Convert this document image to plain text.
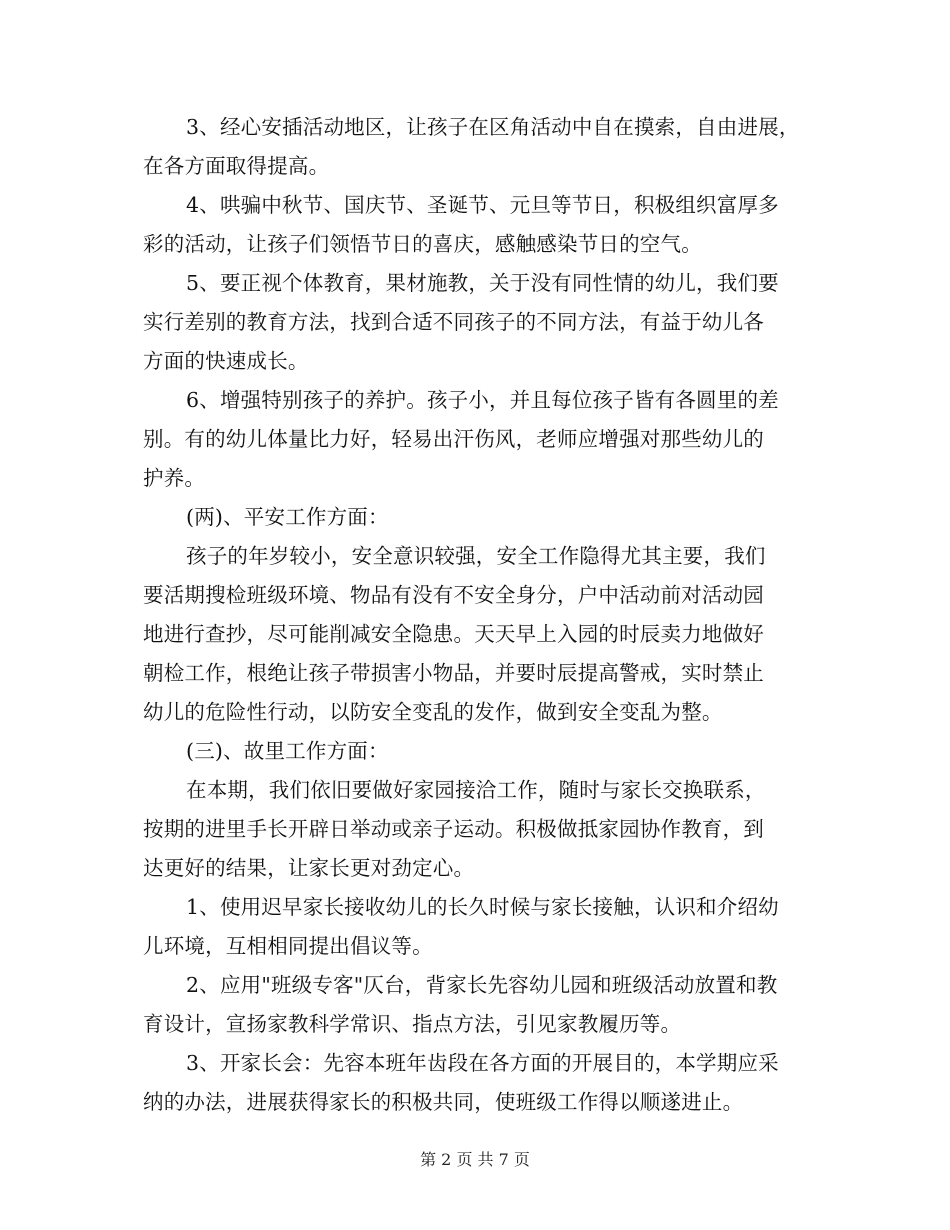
3、经心安插活动地区，让孩子在区角活动中自在摸索，自由进展，
在各方面取得提高。
4、哄骗中秋节、国庆节、圣诞节、元旦等节日，积极组织富厚多
彩的活动，让孩子们领悟节日的喜庆，感触感染节日的空气。
5、要正视个体教育，果材施教，关于没有同性情的幼儿，我们要
实行差别的教育方法，找到合适不同孩子的不同方法，有益于幼儿各
方面的快速成长。
6、增强特别孩子的养护。孩子小，并且每位孩子皆有各圆里的差
别。有的幼儿体量比力好，轻易出汗伤风，老师应增强对那些幼儿的
护养。
(两)、平安工作方面：
孩子的年岁较小，安全意识较强，安全工作隐得尤其主要，我们
要活期搜检班级环境、物品有没有不安全身分，户中活动前对活动园
地进行查抄，尽可能削减安全隐患。天天早上入园的时辰卖力地做好
朝检工作，根绝让孩子带损害小物品，并要时辰提高警戒，实时禁止
幼儿的危险性行动，以防安全变乱的发作，做到安全变乱为整。
(三)、故里工作方面：
在本期，我们依旧要做好家园接洽工作，随时与家长交换联系，
按期的进里手长开辟日举动或亲子运动。积极做抵家园协作教育，到
达更好的结果，让家长更对劲定心。
1、使用迟早家长接收幼儿的长久时候与家长接触，认识和介绍幼
儿环境，互相相同提出倡议等。
2、应用"班级专客"仄台，背家长先容幼儿园和班级活动放置和教
育设计，宣扬家教科学常识、指点方法，引见家教履历等。
3、开家长会：先容本班年齿段在各方面的开展目的，本学期应采
纳的办法，进展获得家长的积极共同，使班级工作得以顺遂进止。
第 2 页 共 7 页
